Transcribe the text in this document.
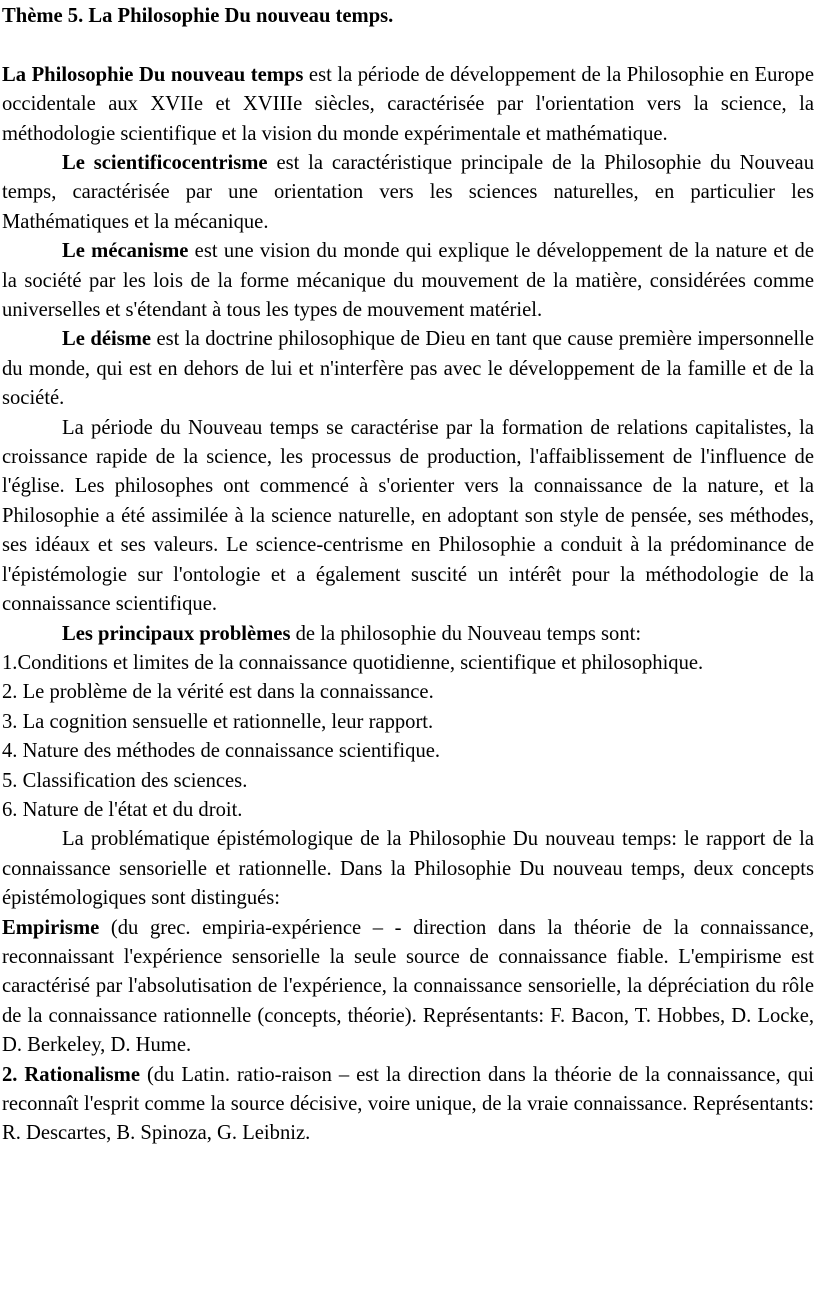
Thème 5. La Philosophie Du nouveau temps.

La Philosophie Du nouveau temps est la période de développement de la Philosophie en Europe occidentale aux XVIIe et XVIIIe siècles, caractérisée par l'orientation vers la science, la méthodologie scientifique et la vision du monde expérimentale et mathématique.

Le scientificocentrisme est la caractéristique principale de la Philosophie du Nouveau temps, caractérisée par une orientation vers les sciences naturelles, en particulier les Mathématiques et la mécanique.

Le mécanisme est une vision du monde qui explique le développement de la nature et de la société par les lois de la forme mécanique du mouvement de la matière, considérées comme universelles et s'étendant à tous les types de mouvement matériel.

Le déisme est la doctrine philosophique de Dieu en tant que cause première impersonnelle du monde, qui est en dehors de lui et n'interfère pas avec le développement de la famille et de la société.

La période du Nouveau temps se caractérise par la formation de relations capitalistes, la croissance rapide de la science, les processus de production, l'affaiblissement de l'influence de l'église. Les philosophes ont commencé à s'orienter vers la connaissance de la nature, et la Philosophie a été assimilée à la science naturelle, en adoptant son style de pensée, ses méthodes, ses idéaux et ses valeurs. Le science-centrisme en Philosophie a conduit à la prédominance de l'épistémologie sur l'ontologie et a également suscité un intérêt pour la méthodologie de la connaissance scientifique.

Les principaux problèmes de la philosophie du Nouveau temps sont:

1.Conditions et limites de la connaissance quotidienne, scientifique et philosophique.

2. Le problème de la vérité est dans la connaissance.

3. La cognition sensuelle et rationnelle, leur rapport.

4. Nature des méthodes de connaissance scientifique.

5. Classification des sciences.

6. Nature de l'état et du droit.

La problématique épistémologique de la Philosophie Du nouveau temps: le rapport de la connaissance sensorielle et rationnelle. Dans la Philosophie Du nouveau temps, deux concepts épistémologiques sont distingués:

Empirisme (du grec. empiria-expérience – - direction dans la théorie de la connaissance, reconnaissant l'expérience sensorielle la seule source de connaissance fiable. L'empirisme est caractérisé par l'absolutisation de l'expérience, la connaissance sensorielle, la dépréciation du rôle de la connaissance rationnelle (concepts, théorie). Représentants: F. Bacon, T. Hobbes, D. Locke, D. Berkeley, D. Hume.

2. Rationalisme (du Latin. ratio-raison – est la direction dans la théorie de la connaissance, qui reconnaît l'esprit comme la source décisive, voire unique, de la vraie connaissance. Représentants: R. Descartes, B. Spinoza, G. Leibniz.
